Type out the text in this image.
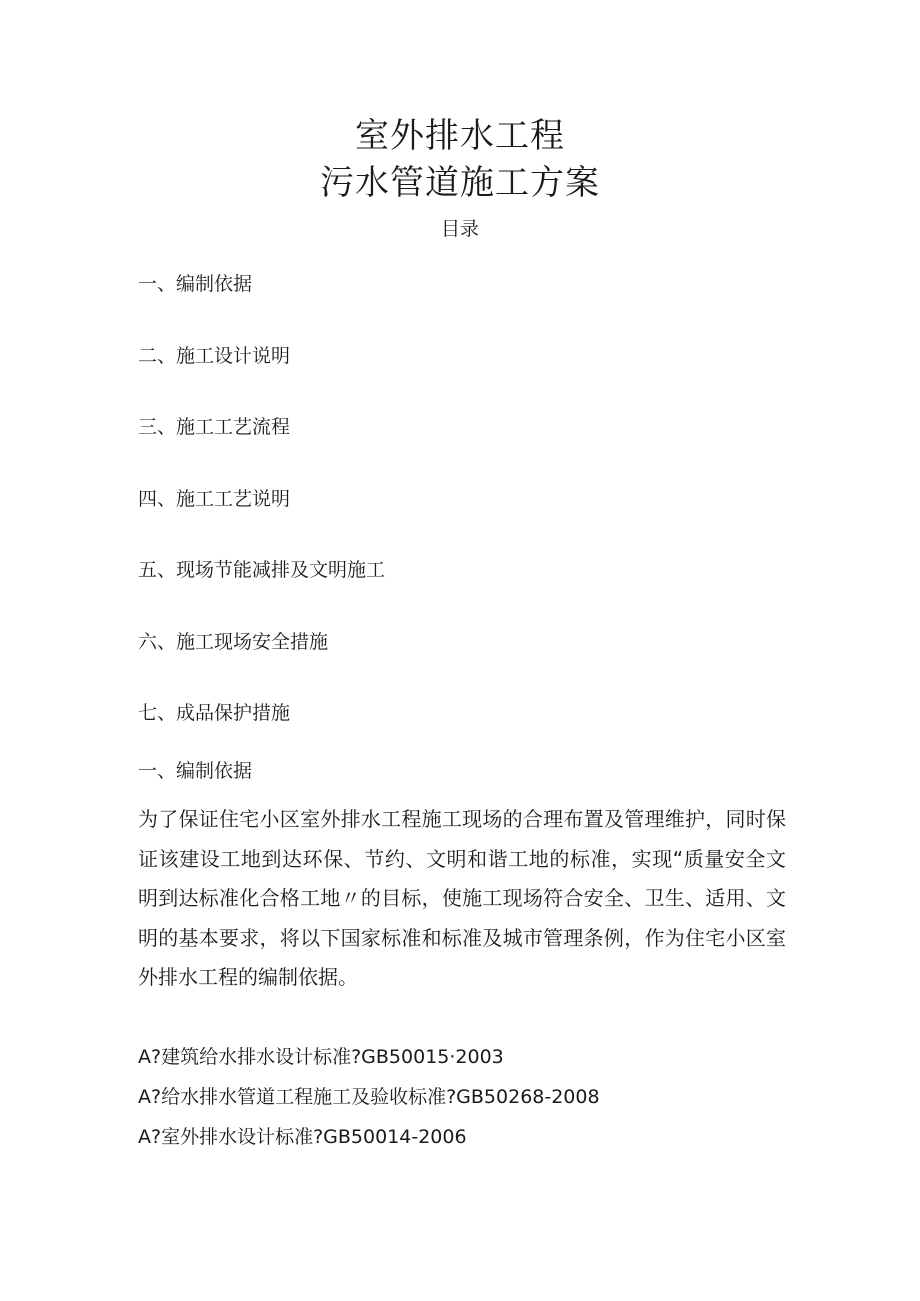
室外排水工程
污水管道施工方案
目录
一、编制依据
二、施工设计说明
三、施工工艺流程
四、施工工艺说明
五、现场节能减排及文明施工
六、施工现场安全措施
七、成品保护措施
一、编制依据

为了保证住宅小区室外排水工程施工现场的合理布置及管理维护，同时保证该建设工地到达环保、节约、文明和谐工地的标准，实现“质量安全文明到达标准化合格工地〃的目标，使施工现场符合安全、卫生、适用、文明的基本要求，将以下国家标准和标准及城市管理条例，作为住宅小区室外排水工程的编制依据。

A?建筑给水排水设计标准?GB50015·2003
A?给水排水管道工程施工及验收标准?GB50268-2008
A?室外排水设计标准?GB50014-2006
